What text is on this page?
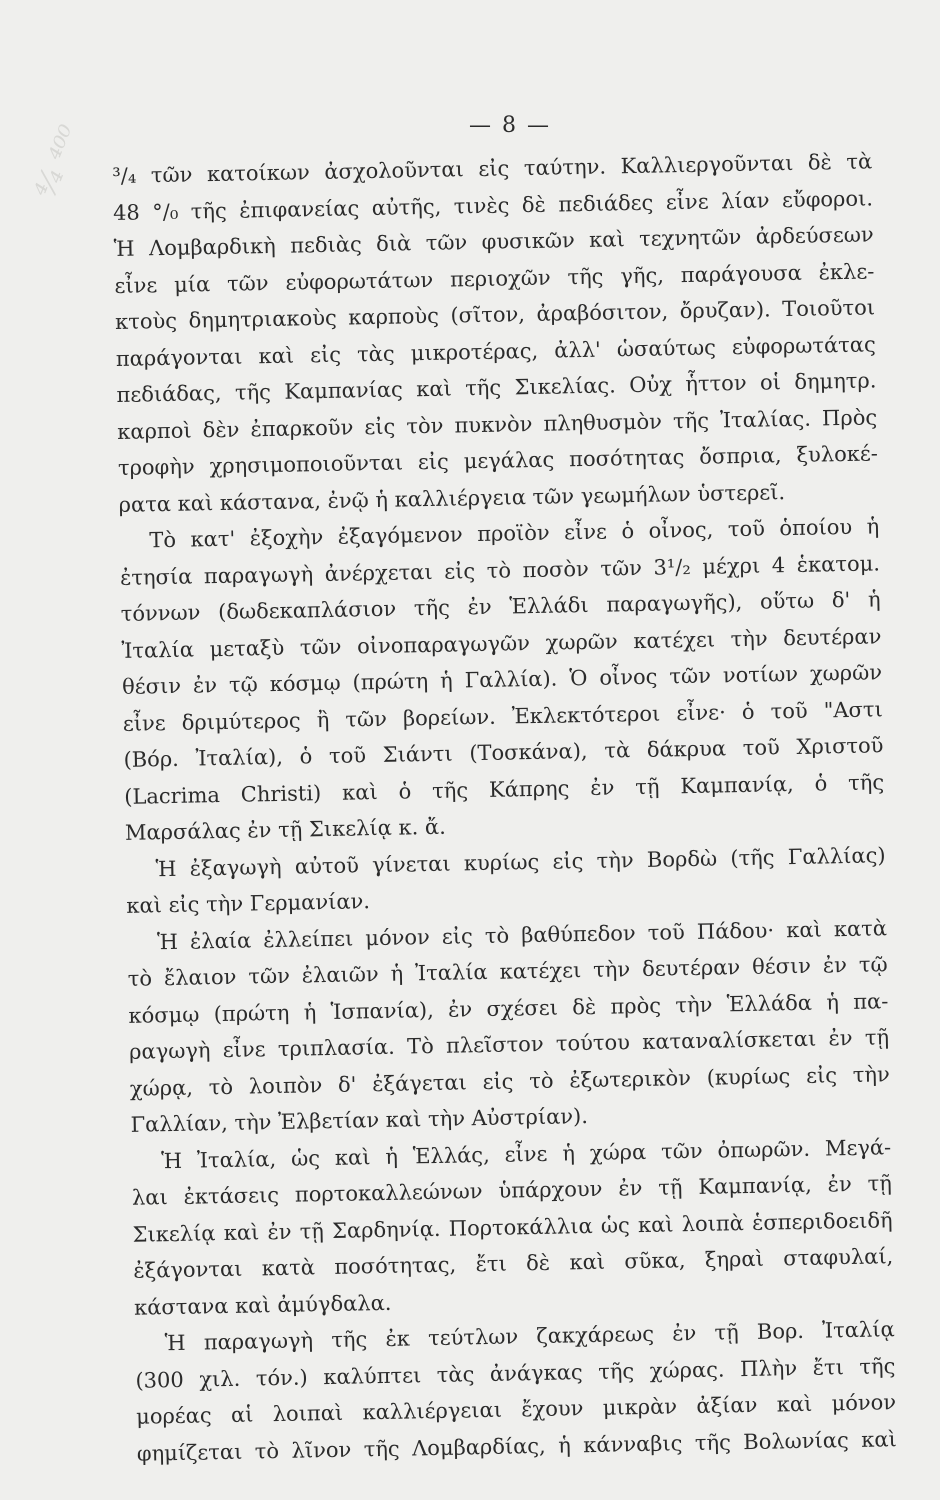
— 8 —
⁴⁄₄ ⁴⁰⁰	³/₄ τῶν κατοίκων ἀσχολοῦνται εἰς ταύτην. Καλλιεργοῦνται δὲ τὰ
48 °/₀ τῆς ἐπιφανείας αὐτῆς, τινὲς δὲ πεδιάδες εἶνε λίαν εὔφοροι.
Ἡ Λομβαρδικὴ πεδιὰς διὰ τῶν φυσικῶν καὶ τεχνητῶν ἀρδεύσεων
εἶνε μία τῶν εὐφορωτάτων περιοχῶν τῆς γῆς, παράγουσα ἐκλε-
κτοὺς δημητριακοὺς καρποὺς (σῖτον, ἀραβόσιτον, ὄρυζαν). Τοιοῦτοι
παράγονται καὶ εἰς τὰς μικροτέρας, ἀλλ' ὡσαύτως εὐφορωτάτας
πεδιάδας, τῆς Καμπανίας καὶ τῆς Σικελίας. Οὐχ ἧττον οἱ δημητρ.
καρποὶ δὲν ἐπαρκοῦν εἰς τὸν πυκνὸν πληθυσμὸν τῆς Ἰταλίας. Πρὸς
τροφὴν χρησιμοποιοῦνται εἰς μεγάλας ποσότητας ὄσπρια, ξυλοκέ-
ρατα καὶ κάστανα, ἐνῷ ἡ καλλιέργεια τῶν γεωμήλων ὑστερεῖ.
Τὸ κατ' ἐξοχὴν ἐξαγόμενον προϊὸν εἶνε ὁ οἶνος, τοῦ ὁποίου ἡ
ἐτησία παραγωγὴ ἀνέρχεται εἰς τὸ ποσὸν τῶν 3¹/₂ μέχρι 4 ἑκατομ.
τόννων (δωδεκαπλάσιον τῆς ἐν Ἑλλάδι παραγωγῆς), οὕτω δ' ἡ
Ἰταλία μεταξὺ τῶν οἰνοπαραγωγῶν χωρῶν κατέχει τὴν δευτέραν
θέσιν ἐν τῷ κόσμῳ (πρώτη ἡ Γαλλία). Ὁ οἶνος τῶν νοτίων χωρῶν
εἶνε δριμύτερος ἢ τῶν βορείων. Ἐκλεκτότεροι εἶνε· ὁ τοῦ "Αστι
(Βόρ. Ἰταλία), ὁ τοῦ Σιάντι (Τοσκάνα), τὰ δάκρυα τοῦ Χριστοῦ
(Lacrima Christi) καὶ ὁ τῆς Κάπρης ἐν τῇ Καμπανίᾳ, ὁ τῆς
Μαρσάλας ἐν τῇ Σικελίᾳ κ. ἄ.
Ἡ ἐξαγωγὴ αὐτοῦ γίνεται κυρίως εἰς τὴν Βορδὼ (τῆς Γαλλίας)
καὶ εἰς τὴν Γερμανίαν.
Ἡ ἐλαία ἐλλείπει μόνον εἰς τὸ βαθύπεδον τοῦ Πάδου· καὶ κατὰ
τὸ ἔλαιον τῶν ἐλαιῶν ἡ Ἰταλία κατέχει τὴν δευτέραν θέσιν ἐν τῷ
κόσμῳ (πρώτη ἡ Ἱσπανία), ἐν σχέσει δὲ πρὸς τὴν Ἑλλάδα ἡ πα-
ραγωγὴ εἶνε τριπλασία. Τὸ πλεῖστον τούτου καταναλίσκεται ἐν τῇ
χώρᾳ, τὸ λοιπὸν δ' ἐξάγεται εἰς τὸ ἐξωτερικὸν (κυρίως εἰς τὴν
Γαλλίαν, τὴν Ἐλβετίαν καὶ τὴν Αὐστρίαν).
Ἡ Ἰταλία, ὡς καὶ ἡ Ἑλλάς, εἶνε ἡ χώρα τῶν ὀπωρῶν. Μεγά-
λαι ἐκτάσεις πορτοκαλλεώνων ὑπάρχουν ἐν τῇ Καμπανίᾳ, ἐν τῇ
Σικελίᾳ καὶ ἐν τῇ Σαρδηνίᾳ. Πορτοκάλλια ὡς καὶ λοιπὰ ἑσπεριδοειδῆ
ἐξάγονται κατὰ ποσότητας, ἔτι δὲ καὶ σῦκα, ξηραὶ σταφυλαί,
κάστανα καὶ ἀμύγδαλα.
Ἡ παραγωγὴ τῆς ἐκ τεύτλων ζακχάρεως ἐν τῇ Βορ. Ἰταλίᾳ
(300 χιλ. τόν.) καλύπτει τὰς ἀνάγκας τῆς χώρας. Πλὴν ἔτι τῆς
μορέας αἱ λοιπαὶ καλλιέργειαι ἔχουν μικρὰν ἀξίαν καὶ μόνον
φημίζεται τὸ λῖνον τῆς Λομβαρδίας, ἡ κάνναβις τῆς Βολωνίας καὶ
